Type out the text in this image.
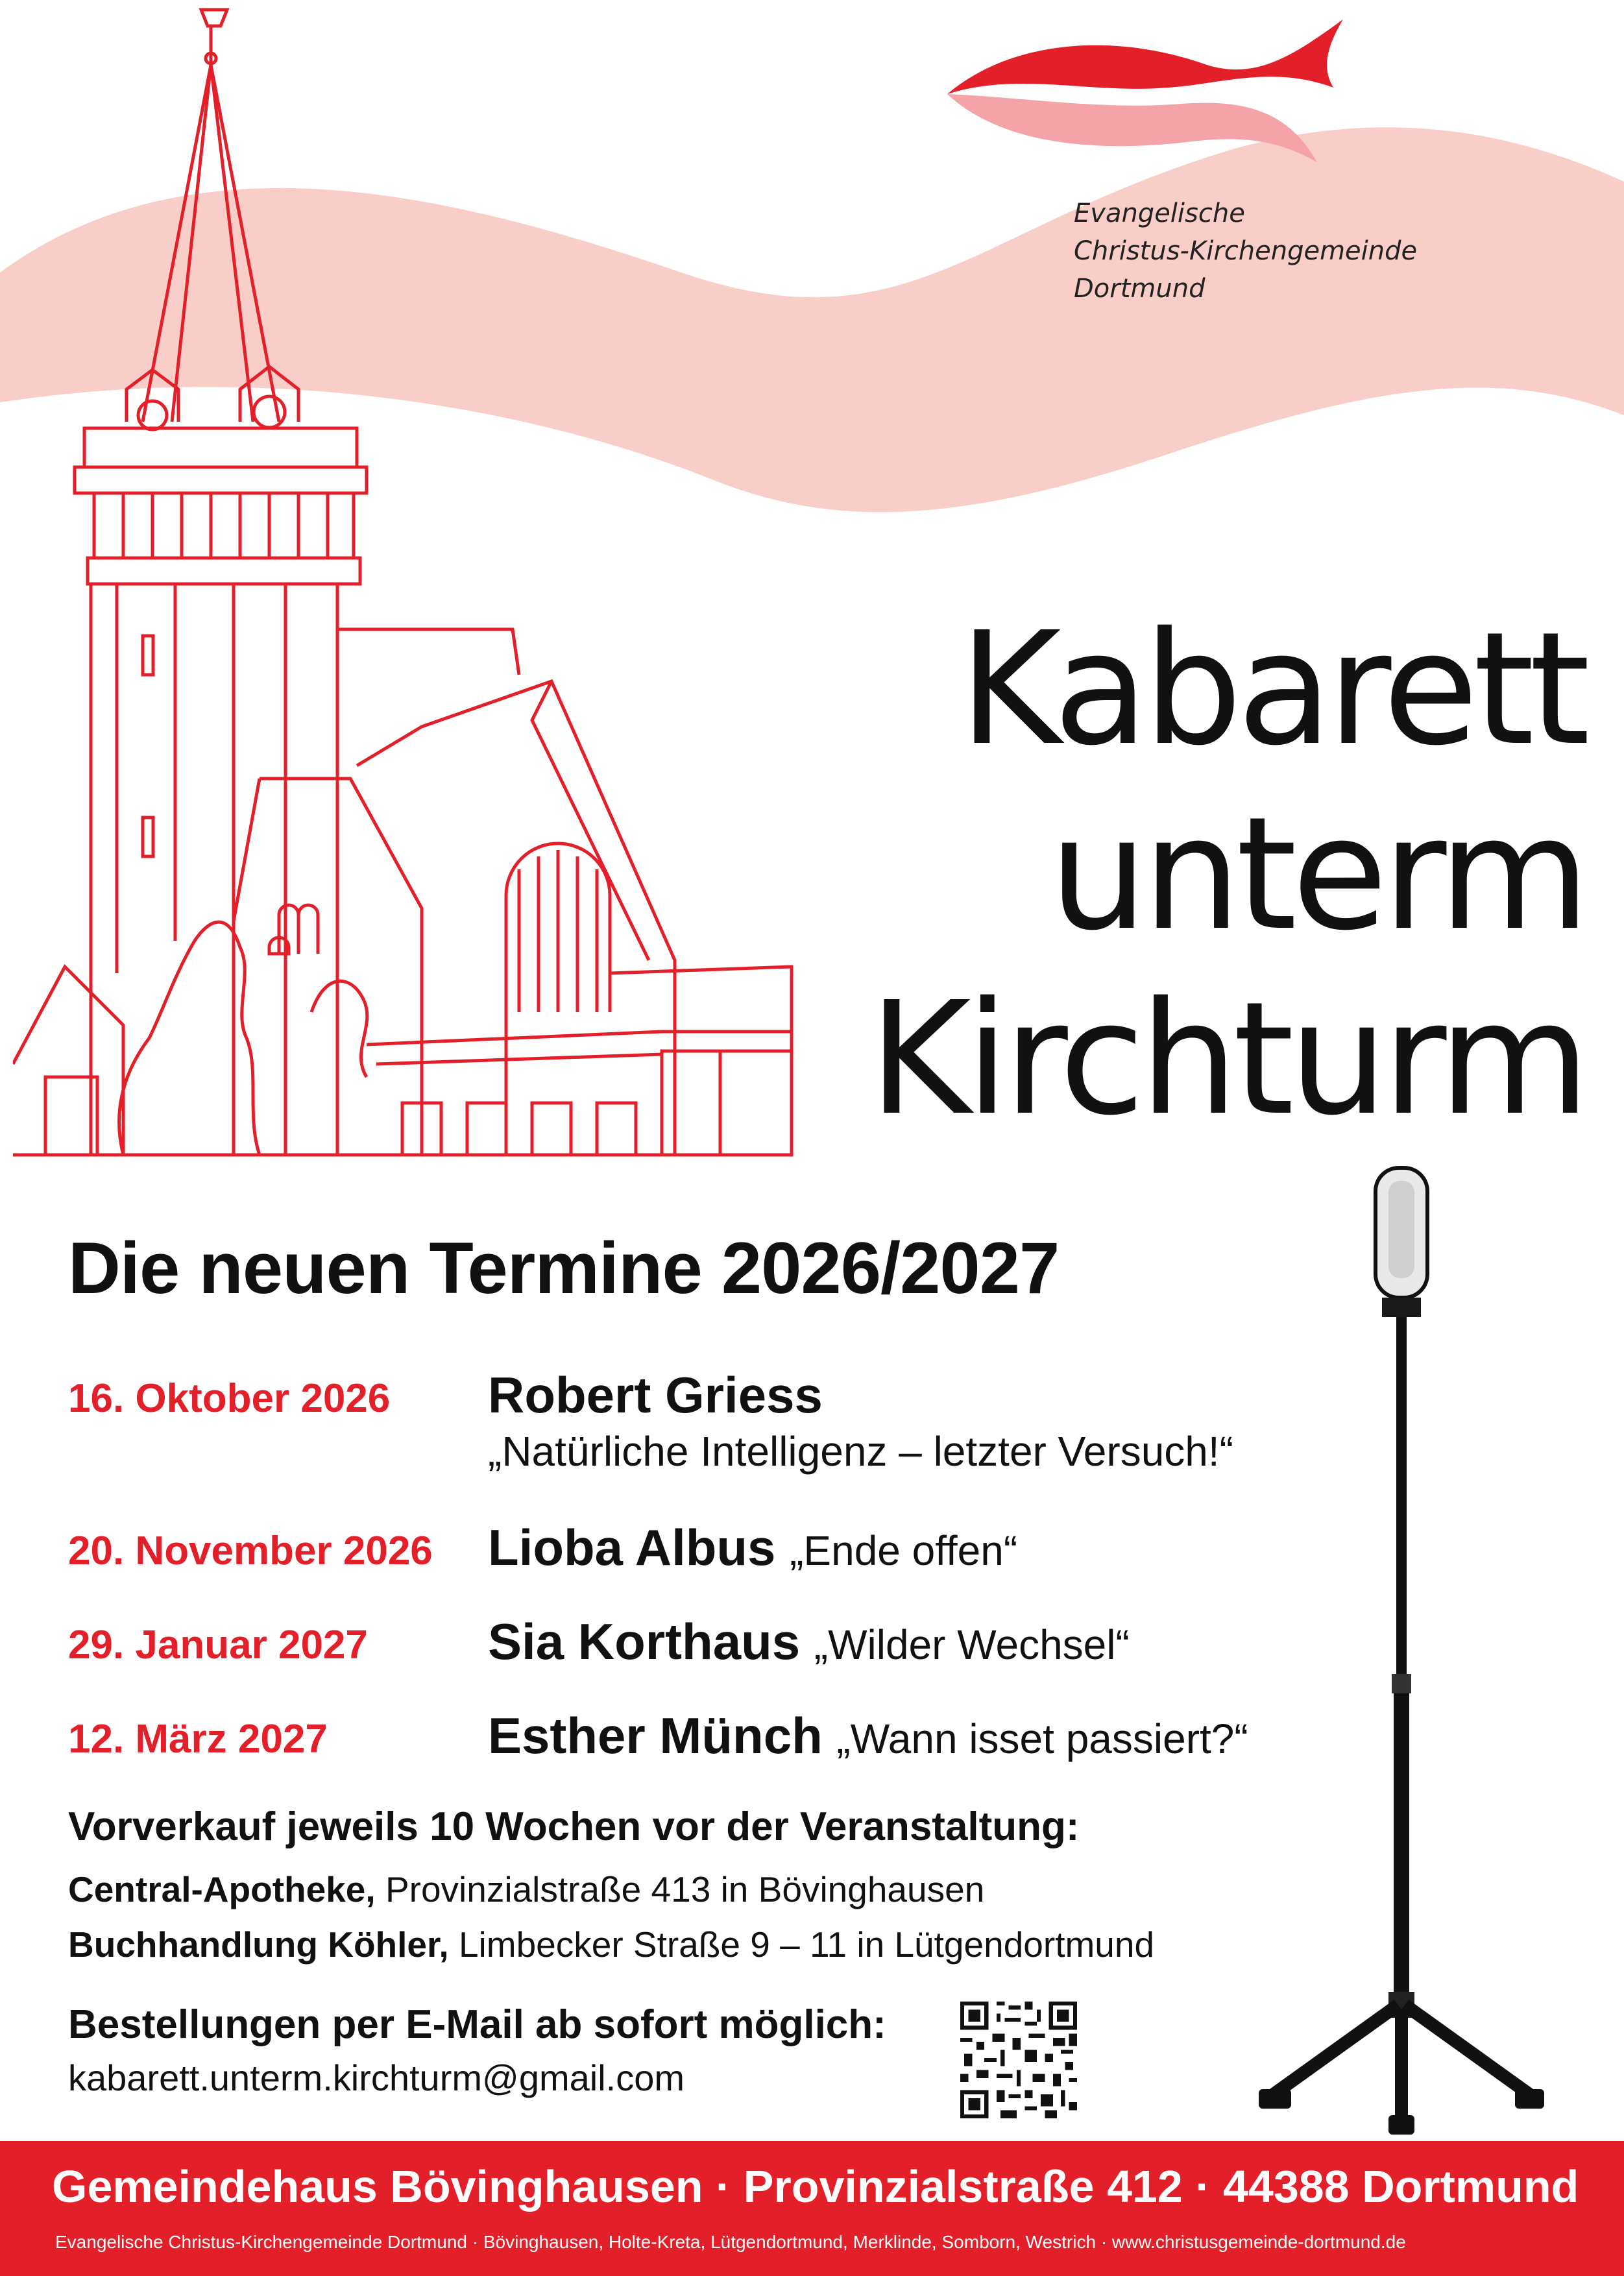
Evangelische
Christus-Kirchengemeinde
Dortmund
Kabarett
unterm
Kirchturm
Die neuen Termine 2026/2027
16. Oktober 2026 Robert Griess
„Natürliche Intelligenz – letzter Versuch!“
20. November 2026 Lioba Albus „Ende offen“
29. Januar 2027 Sia Korthaus „Wilder Wechsel“
12. März 2027	Esther Münch „Wann isset passiert?“
Vorverkauf jeweils 10 Wochen vor der Veranstaltung:
Central-Apotheke, Provinzialstraße 413 in Bövinghausen
Buchhandlung Köhler, Limbecker Straße 9 – 11 in Lütgendortmund
Bestellungen per E-Mail ab sofort möglich:
kabarett.unterm.kirchturm@gmail.com
Gemeindehaus Bövinghausen · Provinzialstraße 412 · 44388 Dortmund
Evangelische Christus-Kirchengemeinde Dortmund · Bövinghausen, Holte-Kreta, Lütgendortmund, Merklinde, Somborn, Westrich · www.christusgemeinde-dortmund.de
